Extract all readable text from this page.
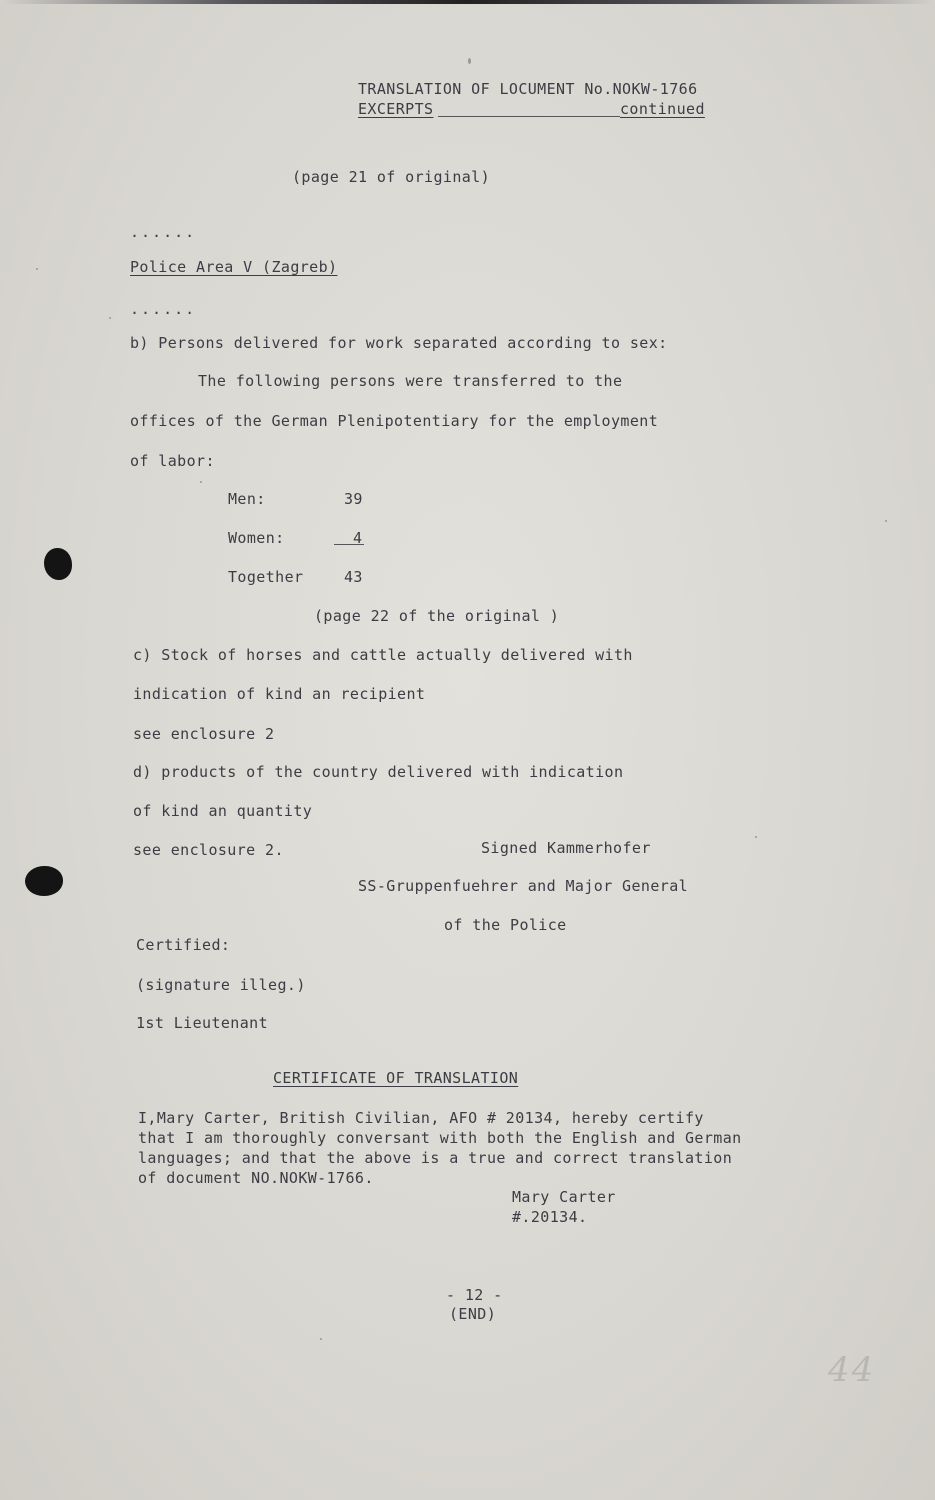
TRANSLATION OF LOCUMENT No.NOKW-1766

EXCERPTS	continued

(page 21 of original)

......

Police Area V (Zagreb)

......

b) Persons delivered for work separated according to sex:

The following persons were transferred to the

offices of the German Plenipotentiary for the employment

of labor:

Men:	39

Women:	4

Together	43

(page 22 of the original )

c) Stock of horses and cattle actually delivered with

indication of kind an recipient

see enclosure 2

d) products of the country delivered with indication

of kind an quantity

see enclosure 2.	Signed Kammerhofer

SS-Gruppenfuehrer and Major General

of the Police

Certified:

(signature illeg.)

1st Lieutenant

CERTIFICATE OF TRANSLATION

I,Mary Carter, British Civilian, AFO # 20134, hereby certify

that I am thoroughly conversant with both the English and German

languages; and that the above is a true and correct translation

of document NO.NOKW-1766.

Mary Carter

#.20134.

- 12 -

(END)

44
